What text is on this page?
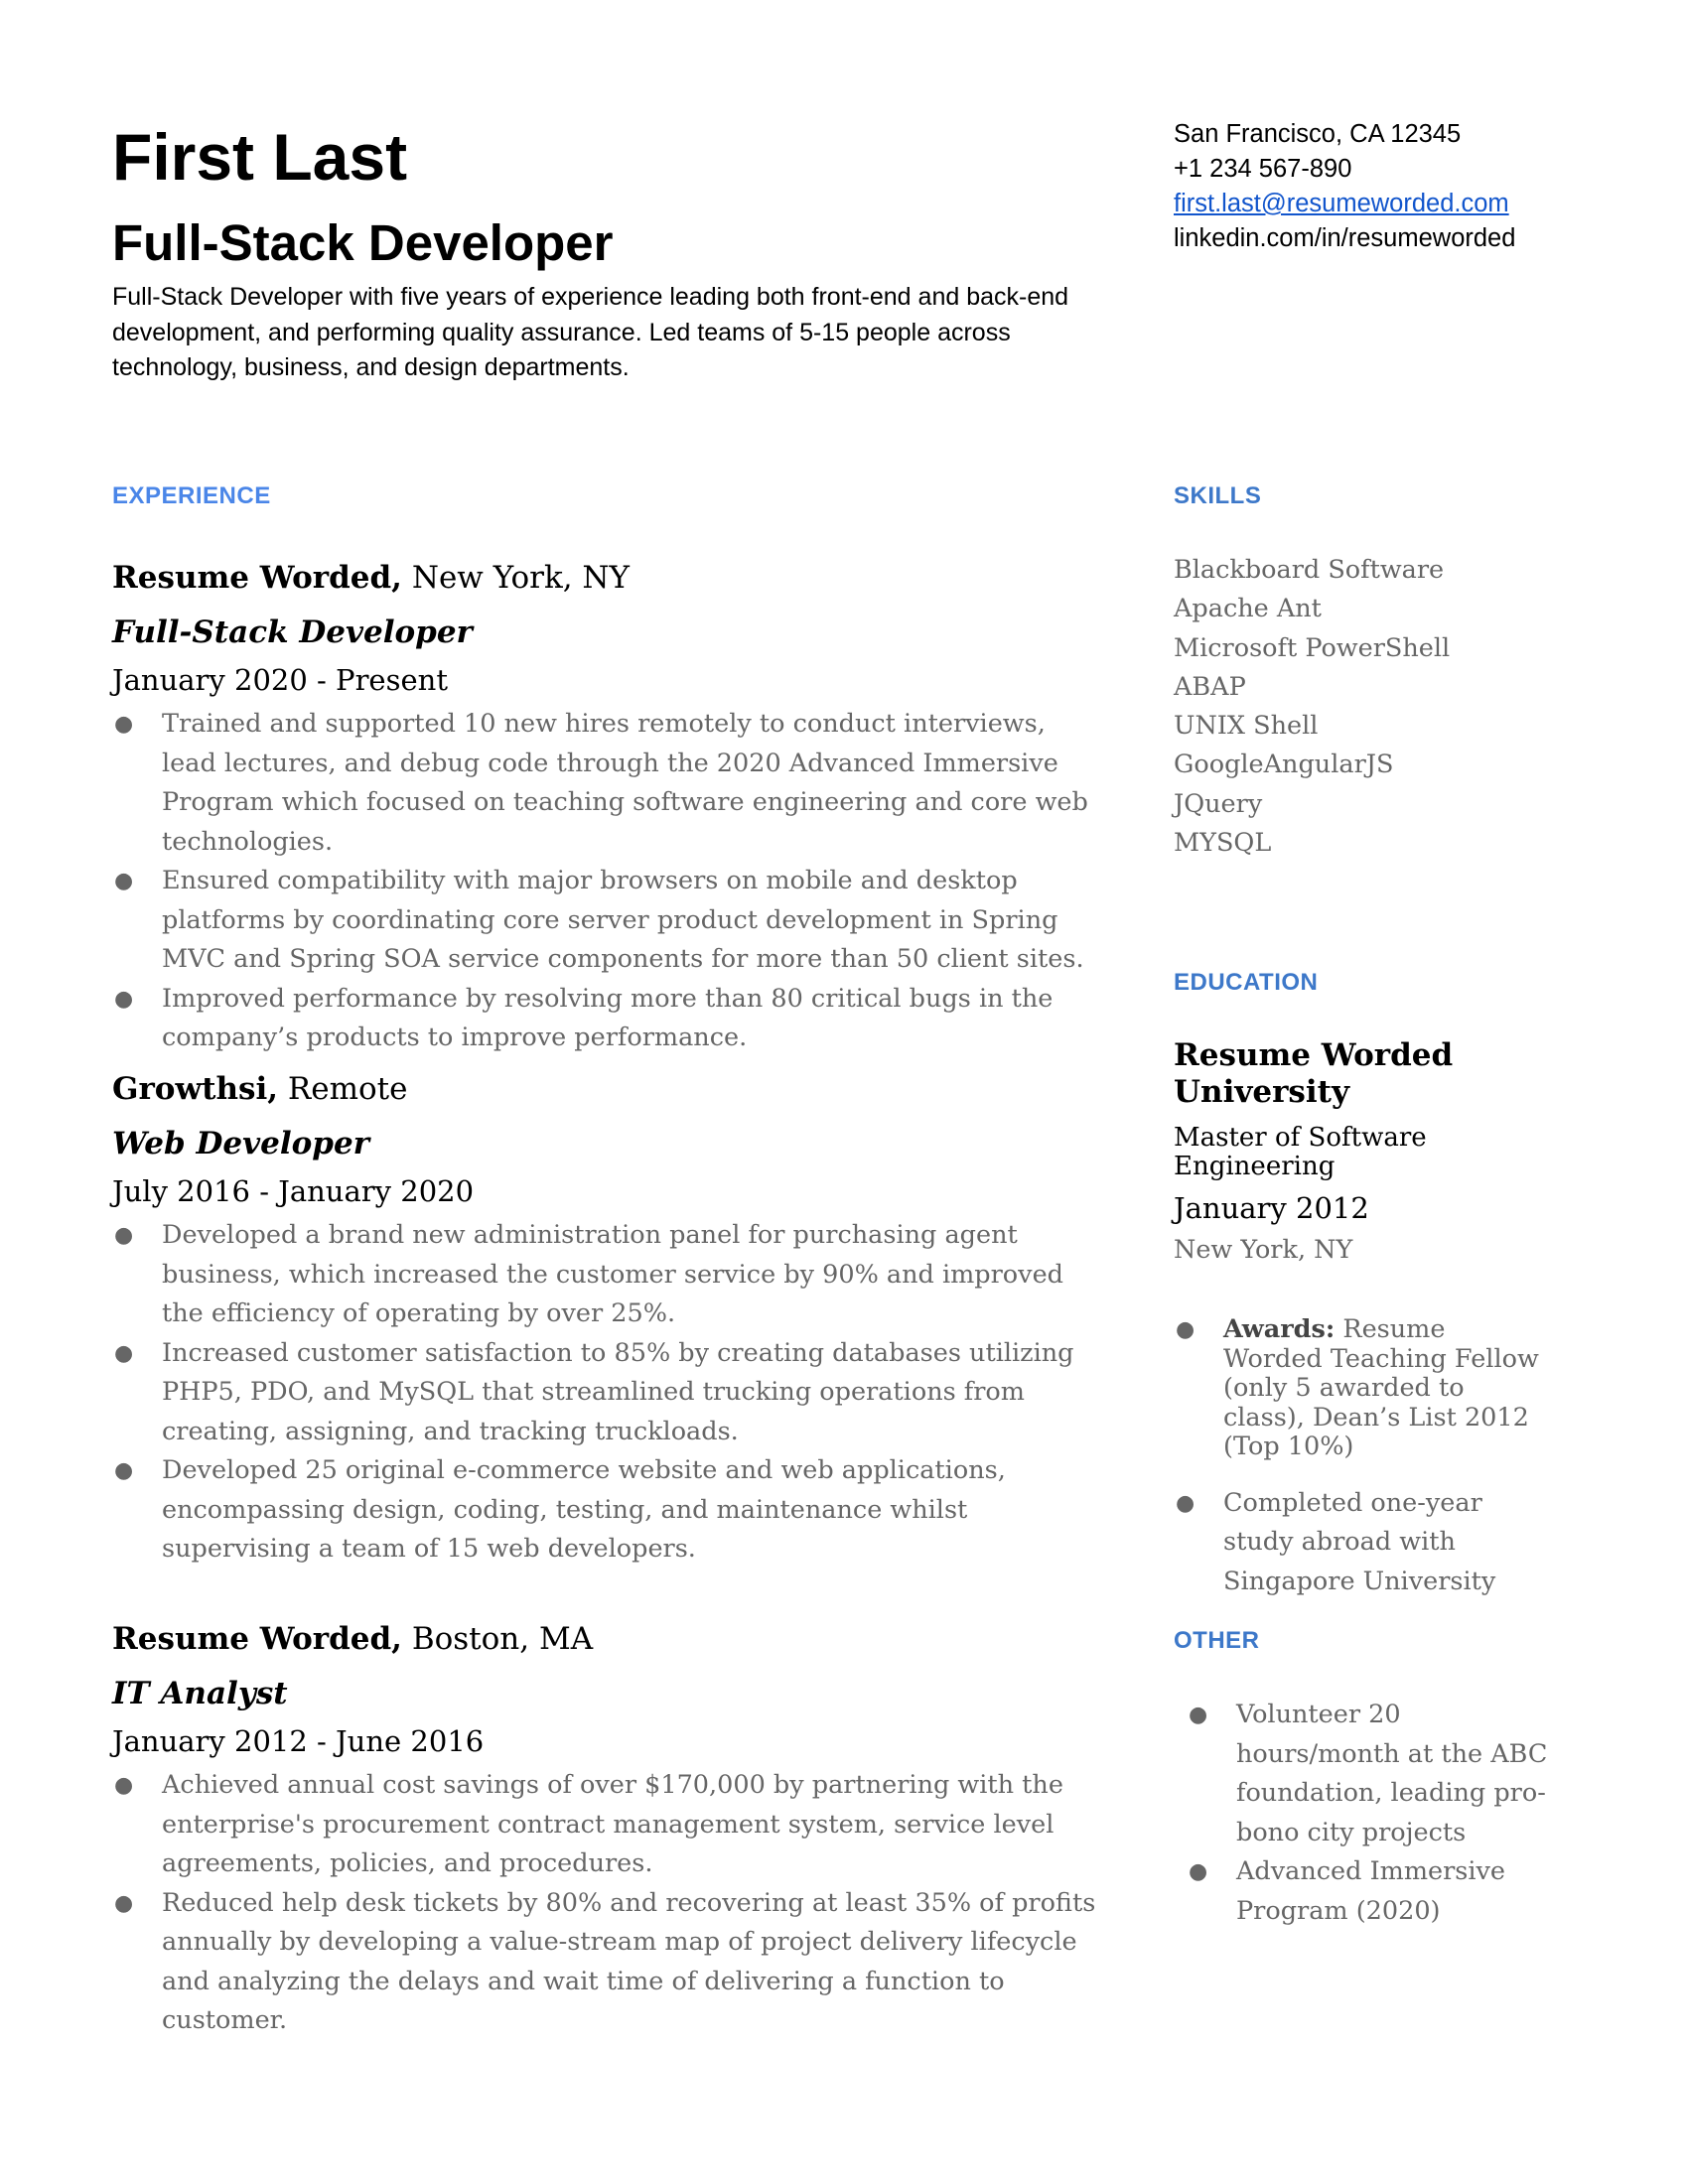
First Last
Full-Stack Developer
Full-Stack Developer with five years of experience leading both front-end and back-end development, and performing quality assurance. Led teams of 5-15 people across technology, business, and design departments.
San Francisco, CA 12345
+1 234 567-890
first.last@resumeworded.com
linkedin.com/in/resumeworded
EXPERIENCE	SKILLS
EDUCATION
OTHER
Resume Worded, New York, NY
Full-Stack Developer
January 2020 - Present
● Trained and supported 10 new hires remotely to conduct interviews, lead lectures, and debug code through the 2020 Advanced Immersive Program which focused on teaching software engineering and core web technologies.
● Ensured compatibility with major browsers on mobile and desktop platforms by coordinating core server product development in Spring MVC and Spring SOA service components for more than 50 client sites.
● Improved performance by resolving more than 80 critical bugs in the company’s products to improve performance.
Growthsi, Remote
Web Developer
July 2016 - January 2020
● Developed a brand new administration panel for purchasing agent business, which increased the customer service by 90% and improved the efficiency of operating by over 25%.
● Increased customer satisfaction to 85% by creating databases utilizing PHP5, PDO, and MySQL that streamlined trucking operations from creating, assigning, and tracking truckloads.
● Developed 25 original e-commerce website and web applications, encompassing design, coding, testing, and maintenance whilst supervising a team of 15 web developers.
Resume Worded, Boston, MA
IT Analyst
January 2012 - June 2016
● Achieved annual cost savings of over $170,000 by partnering with the enterprise's procurement contract management system, service level agreements, policies, and procedures.
● Reduced help desk tickets by 80% and recovering at least 35% of profits annually by developing a value-stream map of project delivery lifecycle and analyzing the delays and wait time of delivering a function to customer.
Blackboard Software
Apache Ant
Microsoft PowerShell
ABAP
UNIX Shell
GoogleAngularJS
JQuery
MYSQL
Resume Worded University
Master of Software Engineering
January 2012
New York, NY
● Awards: Resume Worded Teaching Fellow (only 5 awarded to class), Dean’s List 2012 (Top 10%)
● Completed one-year study abroad with Singapore University
● Volunteer 20 hours/month at the ABC foundation, leading pro-bono city projects
● Advanced Immersive Program (2020)
